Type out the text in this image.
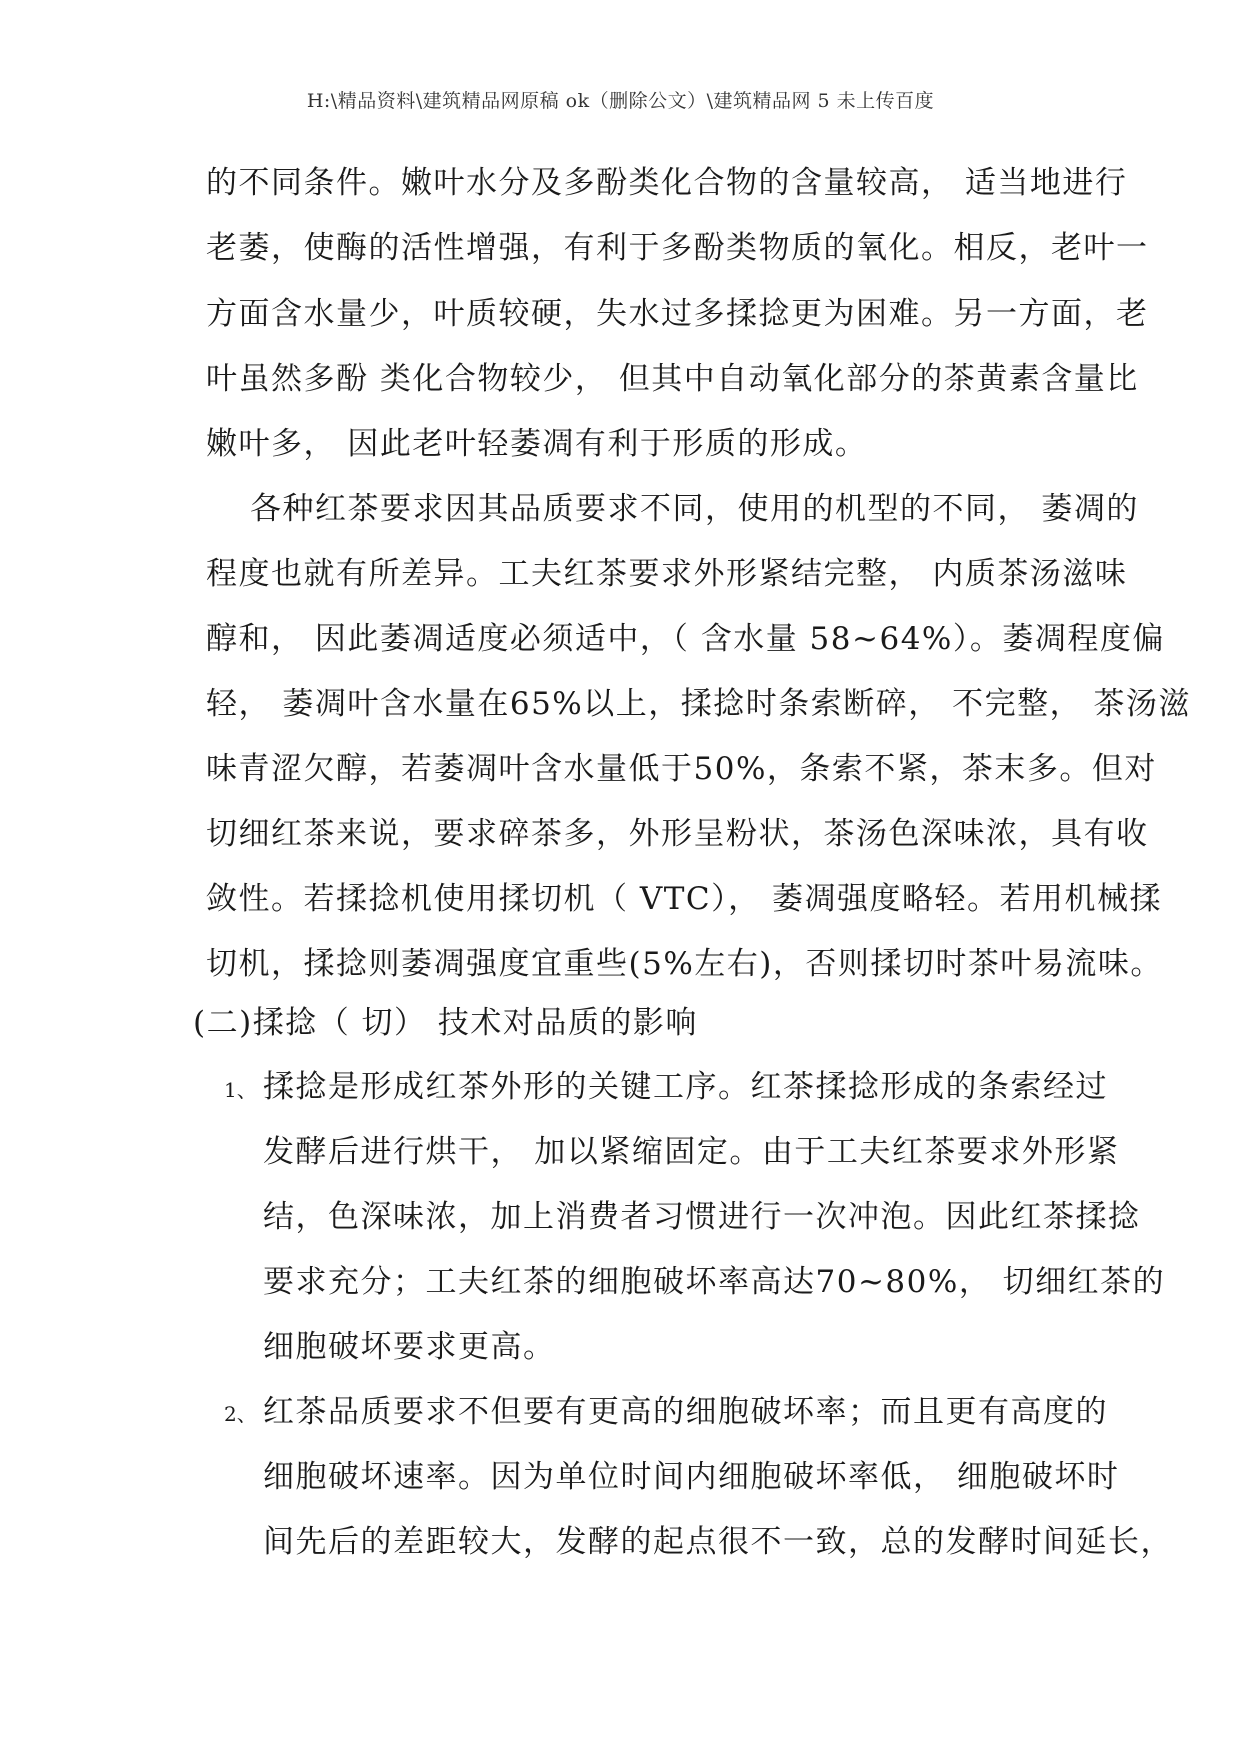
H:\精品资料\建筑精品网原稿 ok（删除公文）\建筑精品网 5 未上传百度
的不同条件。嫩叶水分及多酚类化合物的含量较高， 适当地进行
老萎，使酶的活性增强，有利于多酚类物质的氧化。相反，老叶一
方面含水量少，叶质较硬，失水过多揉捻更为困难。另一方面，老
叶虽然多酚 类化合物较少， 但其中自动氧化部分的茶黄素含量比
嫩叶多， 因此老叶轻萎凋有利于形质的形成。
各种红茶要求因其品质要求不同，使用的机型的不同， 萎凋的
程度也就有所差异。工夫红茶要求外形紧结完整， 内质茶汤滋味
醇和， 因此萎凋适度必须适中，（ 含水量 58~64%）。萎凋程度偏
轻， 萎凋叶含水量在65%以上，揉捻时条索断碎， 不完整， 茶汤滋
味青涩欠醇，若萎凋叶含水量低于50%，条索不紧，茶末多。但对
切细红茶来说，要求碎茶多，外形呈粉状，茶汤色深味浓，具有收
敛性。若揉捻机使用揉切机（ VTC）， 萎凋强度略轻。若用机械揉
切机，揉捻则萎凋强度宜重些(5%左右)，否则揉切时茶叶易流味。
(二)揉捻（ 切） 技术对品质的影响
1、 揉捻是形成红茶外形的关键工序。红茶揉捻形成的条索经过
发酵后进行烘干， 加以紧缩固定。由于工夫红茶要求外形紧
结，色深味浓，加上消费者习惯进行一次冲泡。因此红茶揉捻
要求充分；工夫红茶的细胞破坏率高达70~80%， 切细红茶的
细胞破坏要求更高。
2、 红茶品质要求不但要有更高的细胞破坏率；而且更有高度的
细胞破坏速率。因为单位时间内细胞破坏率低， 细胞破坏时
间先后的差距较大，发酵的起点很不一致，总的发酵时间延长，
